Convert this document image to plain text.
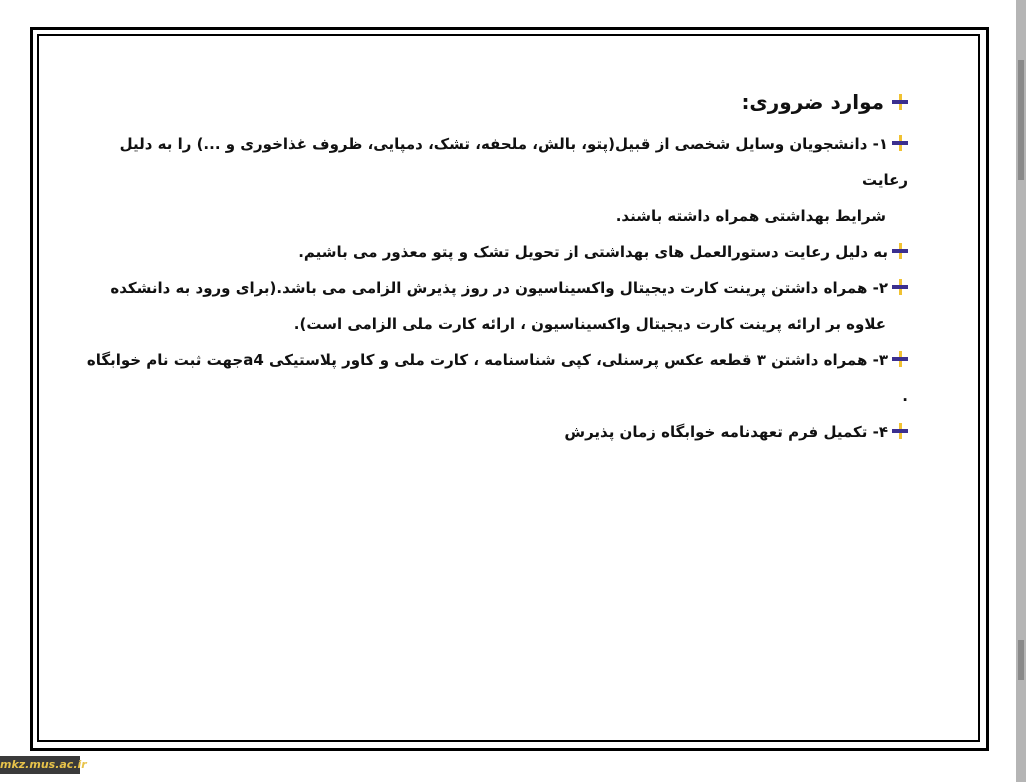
موارد ضروری:

۱- دانشجویان وسایل شخصی از قبیل(پتو، بالش، ملحفه، تشک، دمپایی، ظروف غذاخوری و ...) را به دلیل رعایت
شرایط بهداشتی همراه داشته باشند.

به دلیل رعایت دستورالعمل های بهداشتی از تحویل تشک و پتو معذور می باشیم.

۲- همراه داشتن پرینت کارت دیجیتال واکسیناسیون در روز پذیرش الزامی می باشد.(برای ورود به دانشکده
علاوه بر ارائه پرینت کارت دیجیتال واکسیناسیون ، ارائه کارت ملی الزامی است).

۳- همراه داشتن ۳ قطعه عکس پرسنلی، کپی شناسنامه ، کارت ملی و کاور پلاستیکی a4جهت ثبت نام خوابگاه .

۴- تکمیل فرم تعهدنامه خوابگاه زمان پذیرش

mkz.mus.ac.ir
